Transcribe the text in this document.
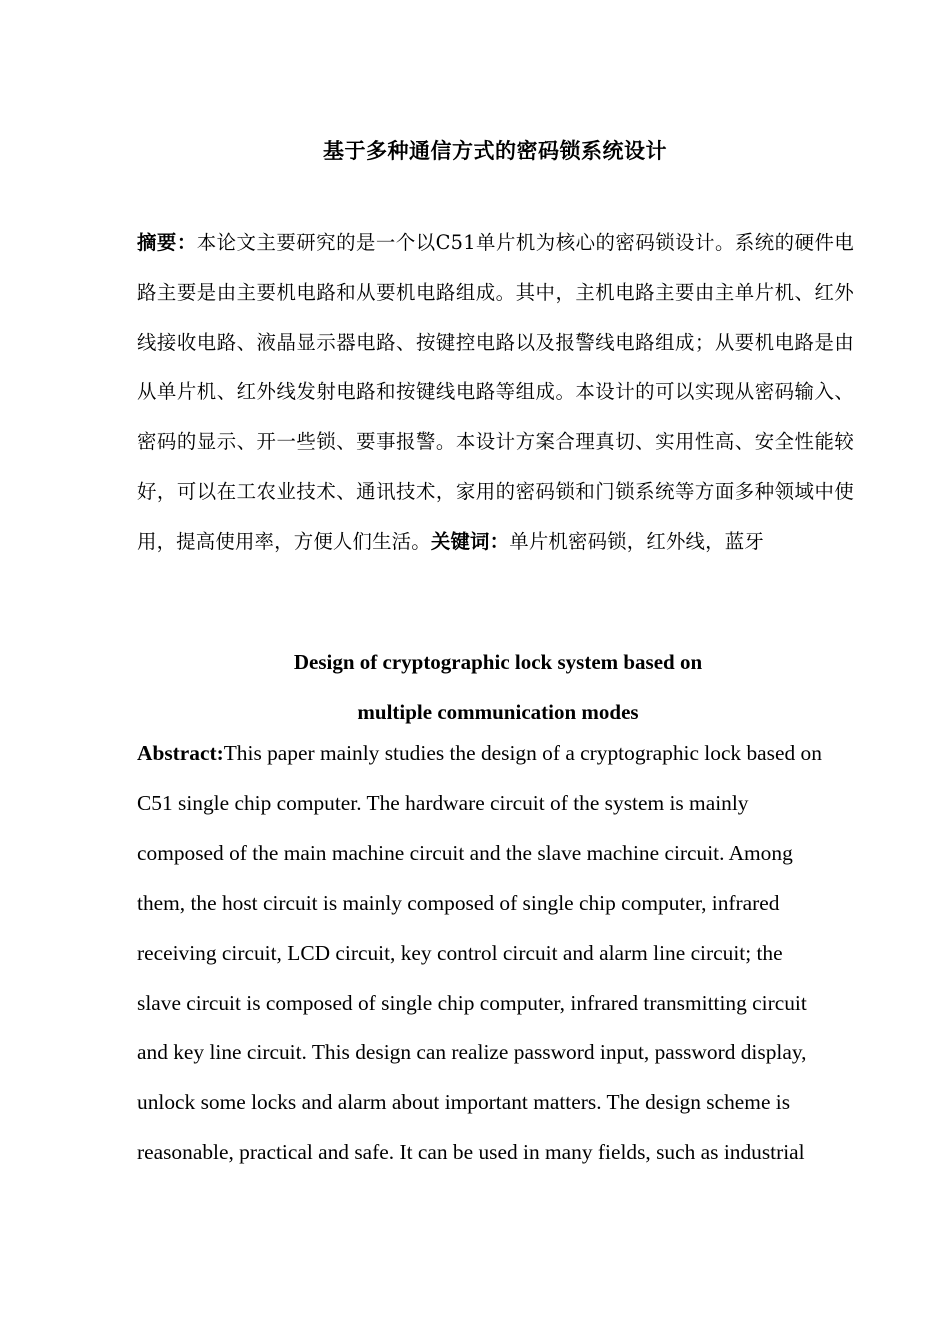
基于多种通信方式的密码锁系统设计
摘要：本论文主要研究的是一个以C51单片机为核心的密码锁设计。系统的硬件电路主要是由主要机电路和从要机电路组成。其中，主机电路主要由主单片机、红外线接收电路、液晶显示器电路、按键控电路以及报警线电路组成；从要机电路是由从单片机、红外线发射电路和按键线电路等组成。本设计的可以实现从密码输入、密码的显示、开一些锁、要事报警。本设计方案合理真切、实用性高、安全性能较好，可以在工农业技术、通讯技术，家用的密码锁和门锁系统等方面多种领域中使用，提高使用率，方便人们生活。关键词：单片机密码锁，红外线，蓝牙
Design of cryptographic lock system based on
multiple communication modes
Abstract:This paper mainly studies the design of a cryptographic lock based on
C51 single chip computer. The hardware circuit of the system is mainly
composed of the main machine circuit and the slave machine circuit. Among
them, the host circuit is mainly composed of single chip computer, infrared
receiving circuit, LCD circuit, key control circuit and alarm line circuit; the
slave circuit is composed of single chip computer, infrared transmitting circuit
and key line circuit. This design can realize password input, password display,
unlock some locks and alarm about important matters. The design scheme is
reasonable, practical and safe. It can be used in many fields, such as industrial
